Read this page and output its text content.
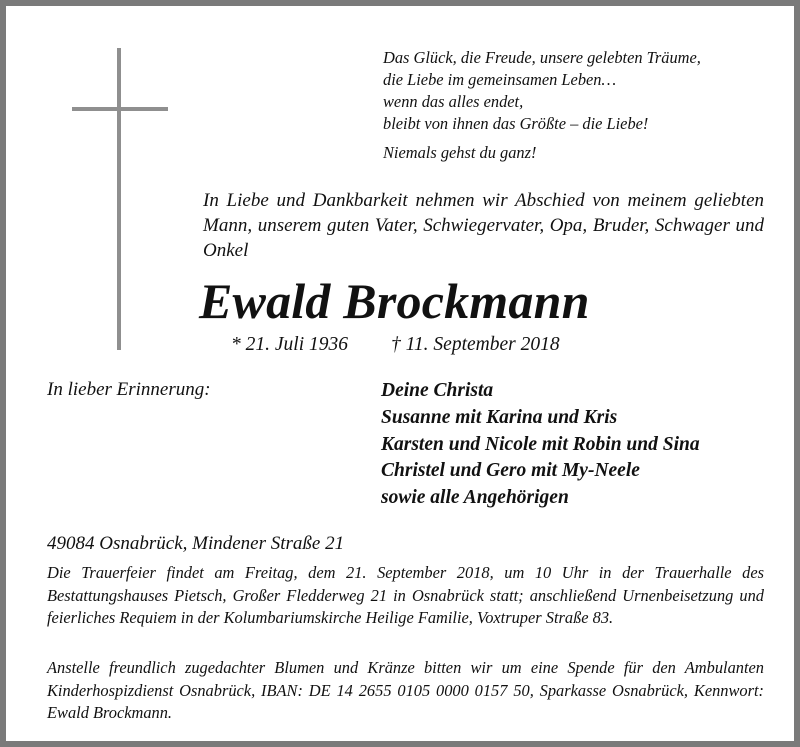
Das Glück, die Freude, unsere gelebten Träume,
die Liebe im gemeinsamen Leben…
wenn das alles endet,
bleibt von ihnen das Größte – die Liebe!
Niemals gehst du ganz!
In Liebe und Dankbarkeit nehmen wir Abschied von meinem geliebten Mann, unserem guten Vater, Schwiegervater, Opa, Bruder, Schwager und Onkel
Ewald Brockmann
* 21. Juli 1936 † 11. September 2018
In lieber Erinnerung:	Deine Christa
Susanne mit Karina und Kris
Karsten und Nicole mit Robin und Sina
Christel und Gero mit My-Neele
sowie alle Angehörigen
49084 Osnabrück, Mindener Straße 21
Die Trauerfeier findet am Freitag, dem 21. September 2018, um 10 Uhr in der Trauerhalle des Bestattungshauses Pietsch, Großer Fledderweg 21 in Osnabrück statt; anschließend Urnenbeisetzung und feierliches Requiem in der Kolumbariumskirche Heilige Familie, Voxtruper Straße 83.
Anstelle freundlich zugedachter Blumen und Kränze bitten wir um eine Spende für den Ambulanten Kinderhospizdienst Osnabrück, IBAN: DE 14 2655 0105 0000 0157 50, Sparkasse Osnabrück, Kennwort: Ewald Brockmann.
